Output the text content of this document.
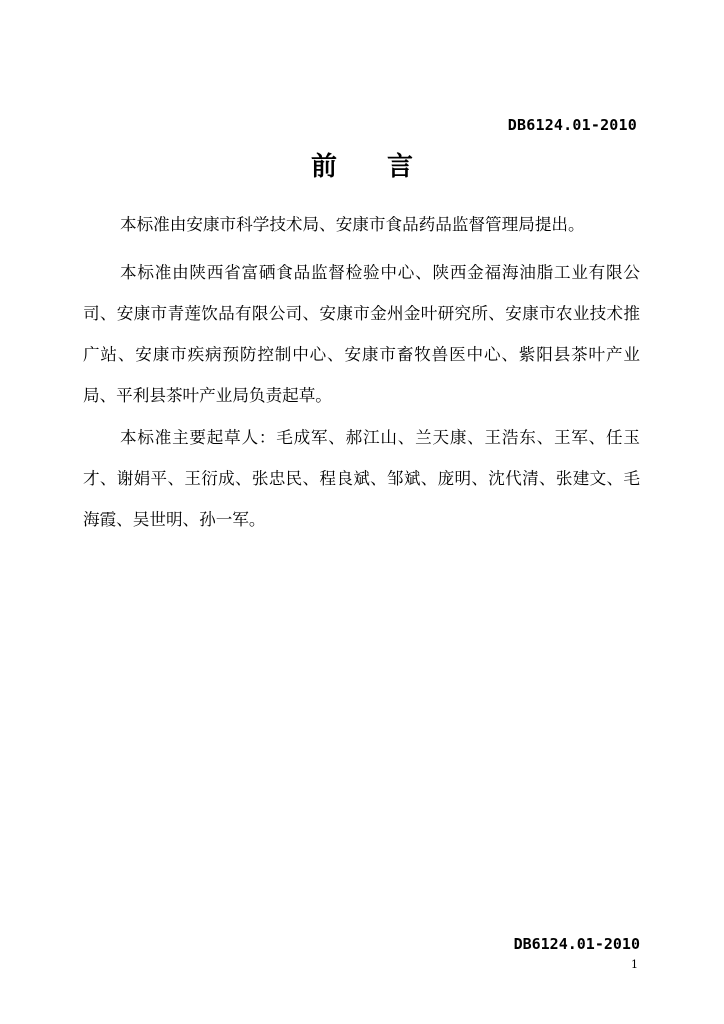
DB6124.01-2010
前言

本标准由安康市科学技术局、安康市食品药品监督管理局提出。

本标准由陕西省富硒食品监督检验中心、陕西金福海油脂工业有限公司、安康市青莲饮品有限公司、安康市金州金叶研究所、安康市农业技术推广站、安康市疾病预防控制中心、安康市畜牧兽医中心、紫阳县茶叶产业局、平利县茶叶产业局负责起草。

本标准主要起草人：毛成军、郝江山、兰天康、王浩东、王军、任玉才、谢娟平、王衍成、张忠民、程良斌、邹斌、庞明、沈代清、张建文、毛海霞、吴世明、孙一军。

DB6124.01-2010
1
